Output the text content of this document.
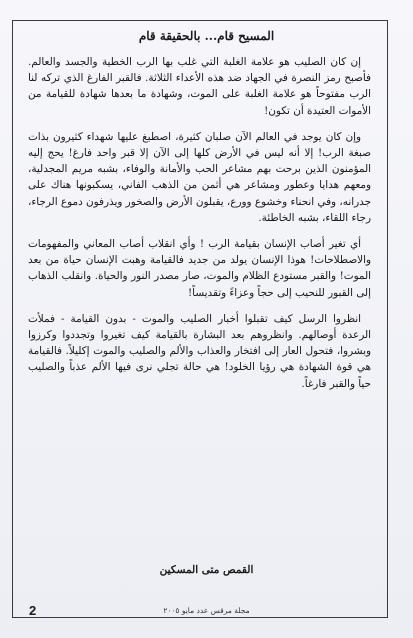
المسيح قام... بالحقيقة قام

إن كان الصليب هو علامة الغلبة التي غلب بها الرب الخطية والجسد والعالم. فأصبح رمز النصرة في الجهاد ضد هذه الأعداء الثلاثة. فالقبر الفارغ الذي تركه لنا الرب مفتوحاً هو علامة الغلبة على الموت، وشهادة ما بعدها شهادة للقيامة من الأموات العتيدة أن تكون!

وإن كان يوجد في العالم الآن صلبان كثيرة، اصطبغ عليها شهداء كثيرون بذات صبغة الرب! إلا أنه ليس في الأرض كلها إلى الآن إلا قبر واحد فارغ! يحج إليه المؤمنون الذين برحت بهم مشاعر الحب والأمانة والوفاء، بشبه مريم المجدلية، ومعهم هدايا وعطور ومشاعر هي أثمن من الذهب الفاني، يسكبونها هناك على جدرانه، وفي انحناء وخشوع وورع، يقبلون الأرض والصخور ويذرفون دموع الرجاء، رجاء اللقاء، بشبه الخاطئة.

أي تغير أصاب الإنسان بقيامة الرب ! وأي انقلاب أصاب المعاني والمفهومات والاصطلاحات! هوذا الإنسان يولد من جديد فالقيامة وهبت الإنسان حياة من بعد الموت! والقبر مستودع الظلام والموت، صار مصدر النور والحياة. وانقلب الذهاب إلى القبور للنحيب إلى حجاً وعزاءً وتقديساً!

انظروا الرسل كيف تقبلوا أخبار الصليب والموت - بدون القيامة - فملأت الرعدة أوصالهم. وانظروهم بعد البشارة بالقيامة كيف تغيروا وتجددوا وكرزوا وبشروا، فتحول العار إلى افتخار والعذاب والألم والصليب والموت إكليلاً. فالقيامة هي قوة الشهادة هي رؤيا الخلود! هي حالة تجلي نرى فيها الألم عذباً والصليب حياً والقبر فارغاً.

القمص متى المسكين
2	مجلة مرقس عدد مايو ٢٠٠٥
